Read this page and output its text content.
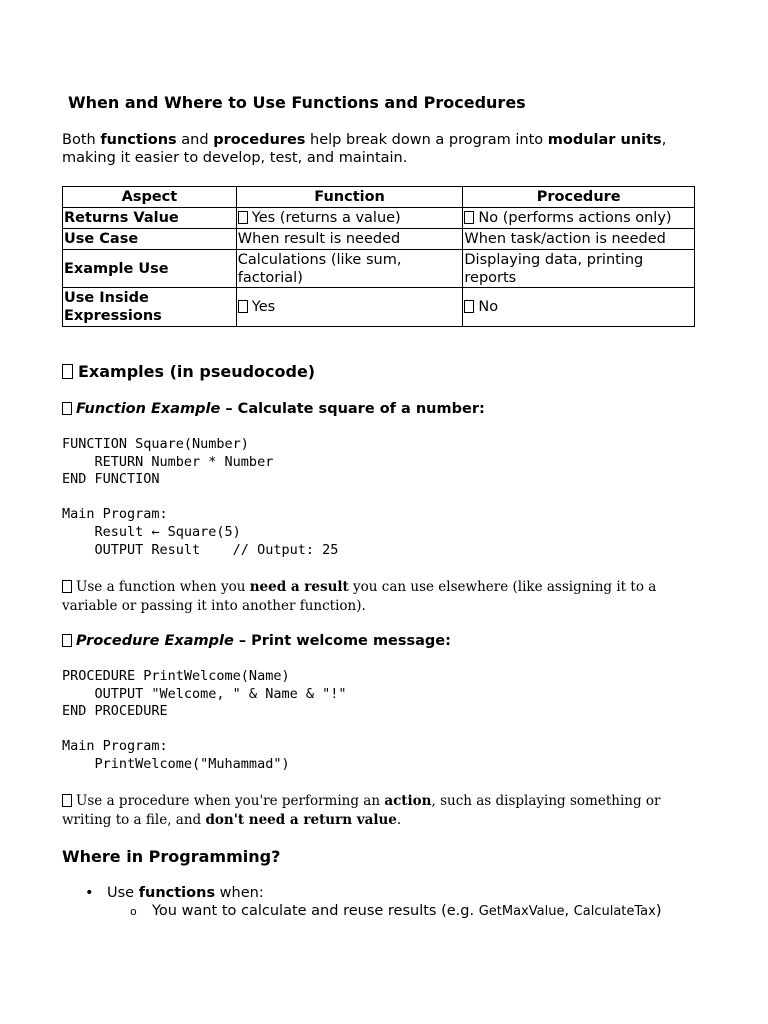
When and Where to Use Functions and Procedures
Both functions and procedures help break down a program into modular units, making it easier to develop, test, and maintain.
Aspect	Function	Procedure
Returns Value	Yes (returns a value)	No (performs actions only)
Use Case	When result is needed	When task/action is needed
Example Use	Calculations (like sum, factorial)	Displaying data, printing reports
Use Inside Expressions	Yes	No
Examples (in pseudocode)
Function Example – Calculate square of a number:
FUNCTION Square(Number)
RETURN Number * Number
END FUNCTION

Main Program:
Result ← Square(5)
OUTPUT Result    // Output: 25
Use a function when you need a result you can use elsewhere (like assigning it to a variable or passing it into another function).
Procedure Example – Print welcome message:
PROCEDURE PrintWelcome(Name)
OUTPUT "Welcome, " & Name & "!"
END PROCEDURE

Main Program:
PrintWelcome("Muhammad")
Use a procedure when you're performing an action, such as displaying something or writing to a file, and don't need a return value.
Where in Programming?
• Use functions when:
o You want to calculate and reuse results (e.g. GetMaxValue, CalculateTax)
